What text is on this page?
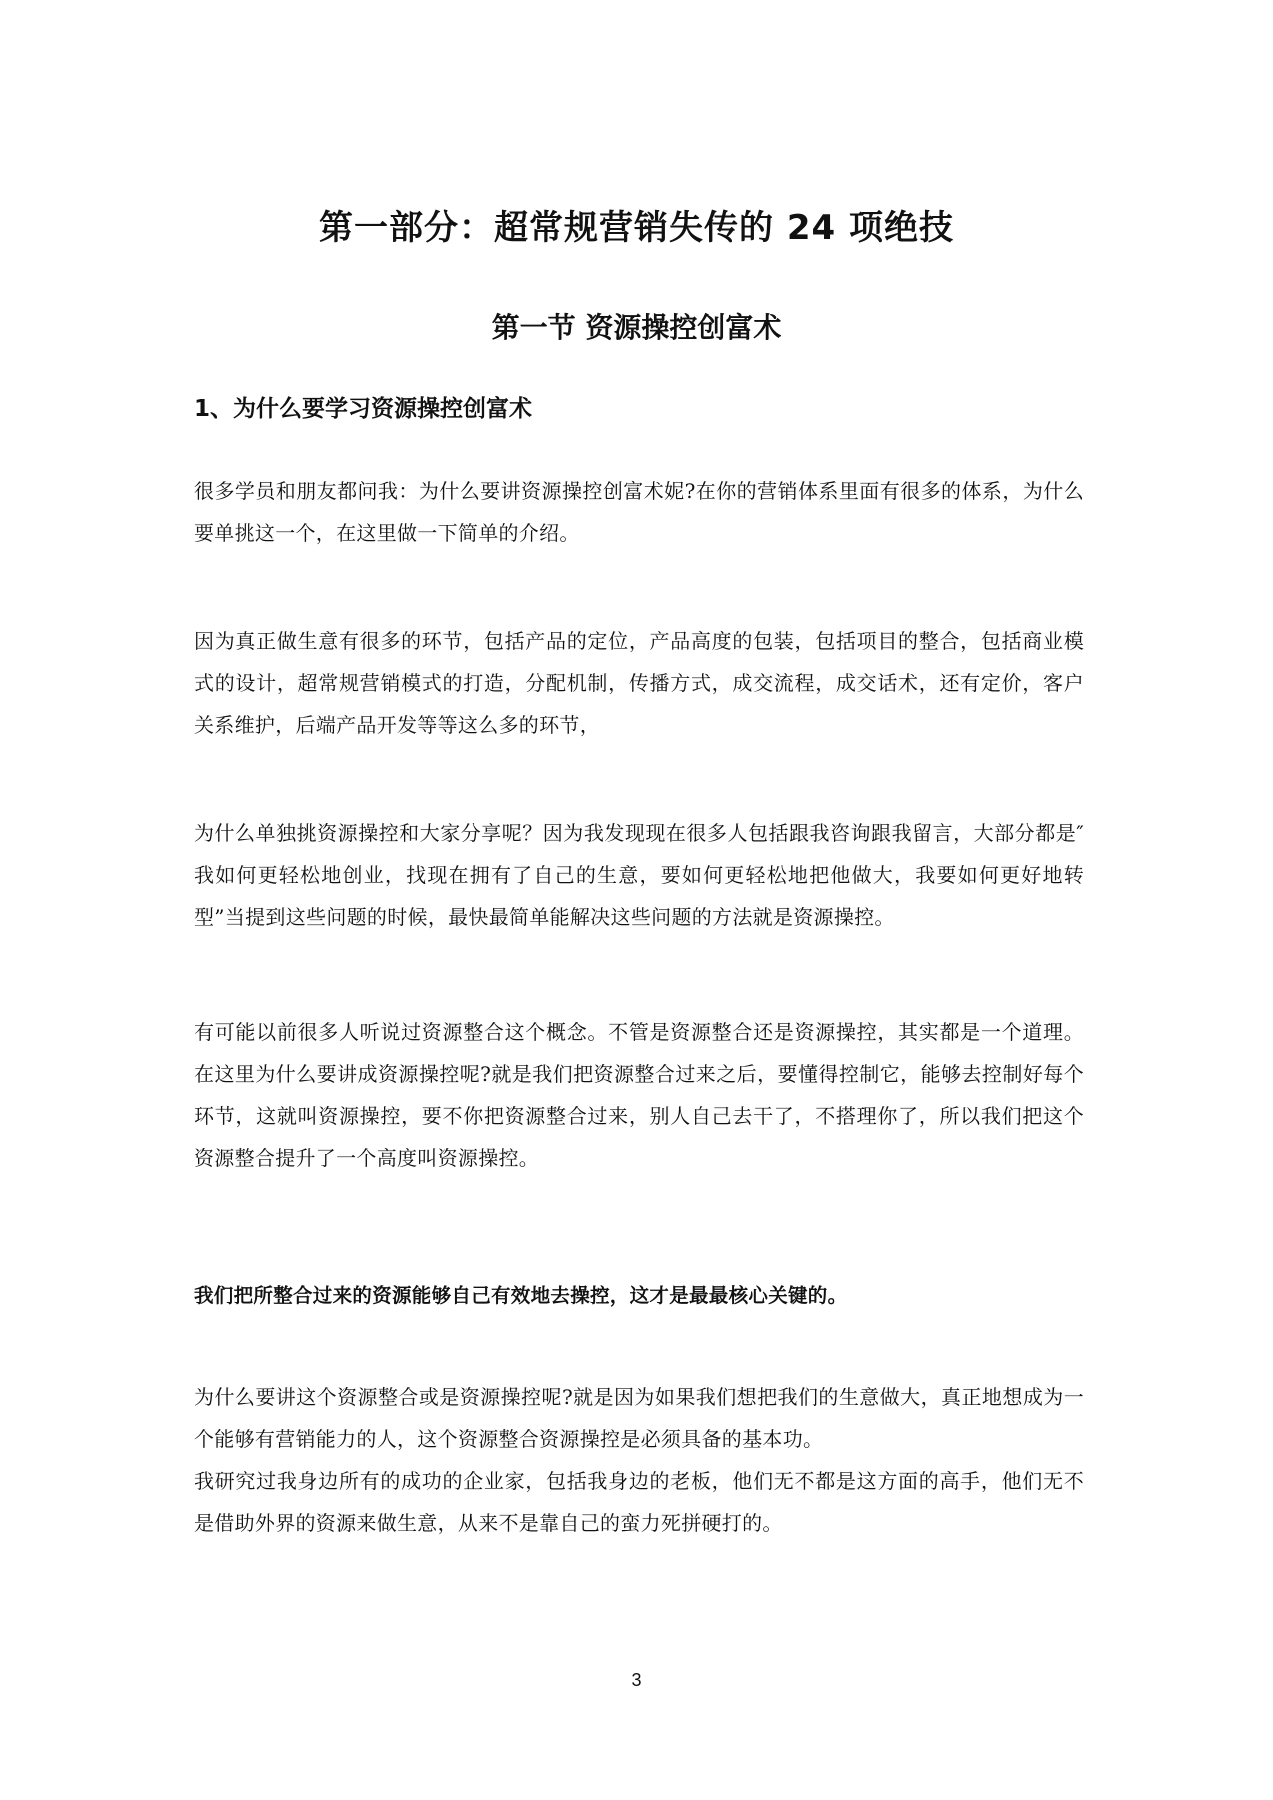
第一部分：超常规营销失传的 24 项绝技
第一节 资源操控创富术
1、为什么要学习资源操控创富术

很多学员和朋友都问我：为什么要讲资源操控创富术妮?在你的营销体系里面有很多的体系，为什么要单挑这一个，在这里做一下简单的介绍。

因为真正做生意有很多的环节，包括产品的定位，产品高度的包装，包括项目的整合，包括商业模式的设计，超常规营销模式的打造，分配机制，传播方式，成交流程，成交话术，还有定价，客户关系维护，后端产品开发等等这么多的环节，

为什么单独挑资源操控和大家分享呢？因为我发现现在很多人包括跟我咨询跟我留言，大部分都是″我如何更轻松地创业，找现在拥有了自己的生意，要如何更轻松地把他做大，我要如何更好地转型”当提到这些问题的时候，最快最简单能解决这些问题的方法就是资源操控。

有可能以前很多人听说过资源整合这个概念。不管是资源整合还是资源操控，其实都是一个道理。在这里为什么要讲成资源操控呢?就是我们把资源整合过来之后，要懂得控制它，能够去控制好每个环节，这就叫资源操控，要不你把资源整合过来，别人自己去干了，不搭理你了，所以我们把这个资源整合提升了一个高度叫资源操控。

我们把所整合过来的资源能够自己有效地去操控，这才是最最核心关键的。

为什么要讲这个资源整合或是资源操控呢?就是因为如果我们想把我们的生意做大，真正地想成为一个能够有营销能力的人，这个资源整合资源操控是必须具备的基本功。

我研究过我身边所有的成功的企业家，包括我身边的老板，他们无不都是这方面的高手，他们无不是借助外界的资源来做生意，从来不是靠自己的蛮力死拼硬打的。

3
